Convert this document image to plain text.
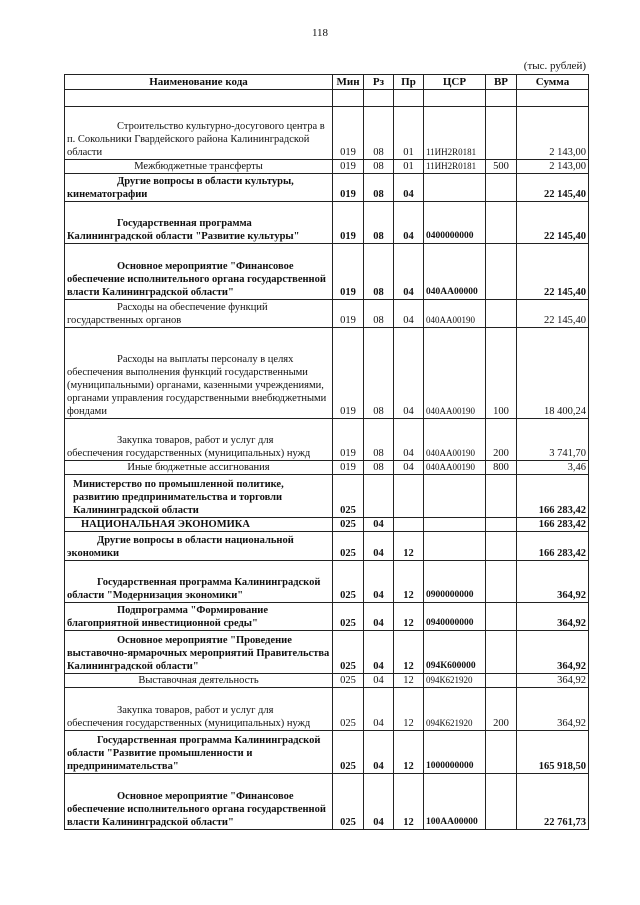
118
(тыс. рублей)
Наименование кода	Мин	Рз	Пр	ЦСР	ВР	Сумма

Строительство культурно-досугового центра в п. Сокольники Гвардейского района Калининградской области	019	08	01	11ИН2R0181		2 143,00
Межбюджетные трансферты	019	08	01	11ИН2R0181	500	2 143,00
Другие вопросы в области культуры, кинематографии	019	08	04			22 145,40
Государственная программа Калининградской области "Развитие культуры"	019	08	04	0400000000		22 145,40
Основное мероприятие "Финансовое обеспечение исполнительного органа государственной власти Калининградской области"	019	08	04	040АА00000		22 145,40
Расходы на обеспечение функций государственных органов	019	08	04	040АА00190		22 145,40
Расходы на выплаты персоналу в целях обеспечения выполнения функций государственными (муниципальными) органами, казенными учреждениями, органами управления государственными внебюджетными фондами	019	08	04	040АА00190	100	18 400,24
Закупка товаров, работ и услуг для обеспечения государственных (муниципальных) нужд	019	08	04	040АА00190	200	3 741,70
Иные бюджетные ассигнования	019	08	04	040АА00190	800	3,46
Министерство по промышленной политике, развитию предпринимательства и торговли Калининградской области	025					166 283,42
НАЦИОНАЛЬНАЯ ЭКОНОМИКА	025	04				166 283,42
Другие вопросы в области национальной экономики	025	04	12			166 283,42
Государственная программа Калининградской области "Модернизация экономики"	025	04	12	0900000000		364,92
Подпрограмма "Формирование благоприятной инвестиционной среды"	025	04	12	0940000000		364,92
Основное мероприятие "Проведение выставочно-ярмарочных мероприятий Правительства Калининградской области"	025	04	12	094К600000		364,92
Выставочная деятельность	025	04	12	094К621920		364,92
Закупка товаров, работ и услуг для обеспечения государственных (муниципальных) нужд	025	04	12	094К621920	200	364,92
Государственная программа Калининградской области "Развитие промышленности и предпринимательства"	025	04	12	1000000000		165 918,50
Основное мероприятие "Финансовое обеспечение исполнительного органа государственной власти Калининградской области"	025	04	12	100АА00000		22 761,73
